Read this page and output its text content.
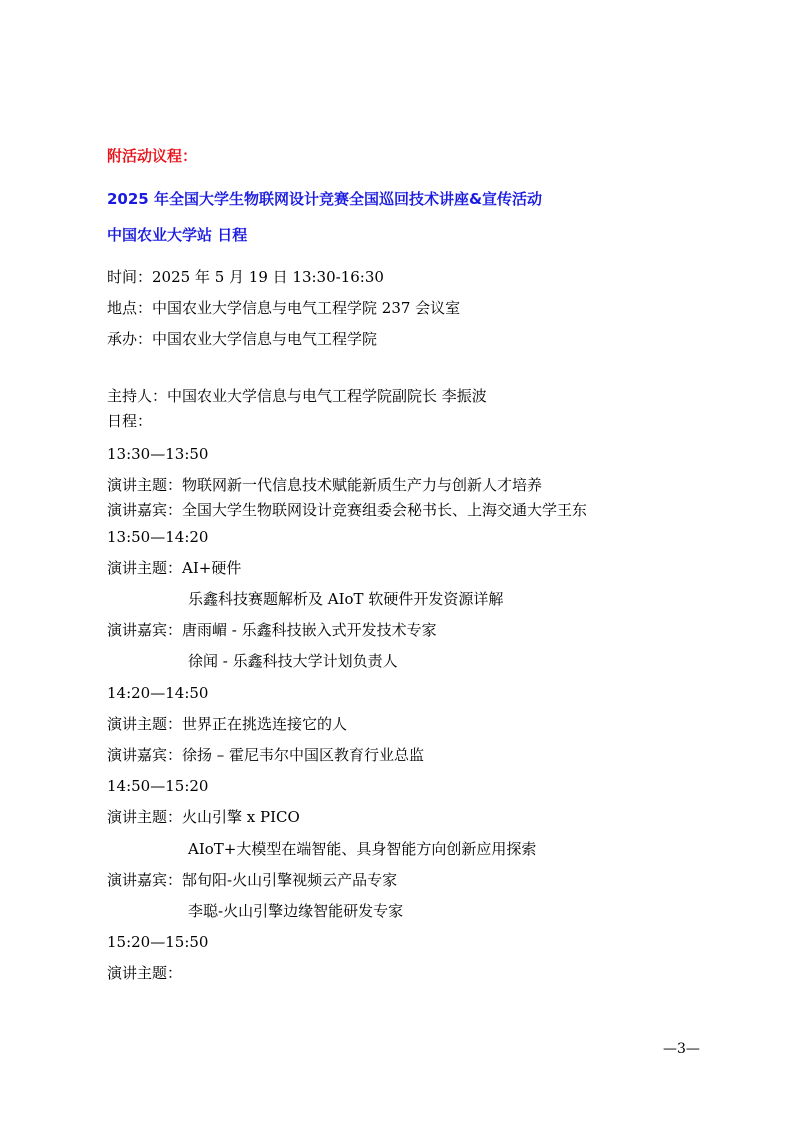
附活动议程：
2025 年全国大学生物联网设计竞赛全国巡回技术讲座&宣传活动
中国农业大学站 日程
时间：2025 年 5 月 19 日 13:30-16:30
地点：中国农业大学信息与电气工程学院 237 会议室
承办：中国农业大学信息与电气工程学院
主持人：中国农业大学信息与电气工程学院副院长 李振波
日程：
13:30—13:50
演讲主题：物联网新一代信息技术赋能新质生产力与创新人才培养
演讲嘉宾：全国大学生物联网设计竞赛组委会秘书长、上海交通大学王东
13:50—14:20
演讲主题：AI+硬件
乐鑫科技赛题解析及 AIoT 软硬件开发资源详解
演讲嘉宾：唐雨嵋 - 乐鑫科技嵌入式开发技术专家
徐闻 - 乐鑫科技大学计划负责人
14:20—14:50
演讲主题：世界正在挑选连接它的人
演讲嘉宾：徐扬 – 霍尼韦尔中国区教育行业总监
14:50—15:20
演讲主题：火山引擎 x PICO
AIoT+大模型在端智能、具身智能方向创新应用探索
演讲嘉宾：郜旬阳-火山引擎视频云产品专家
李聪-火山引擎边缘智能研发专家
15:20—15:50
演讲主题：
—3—
